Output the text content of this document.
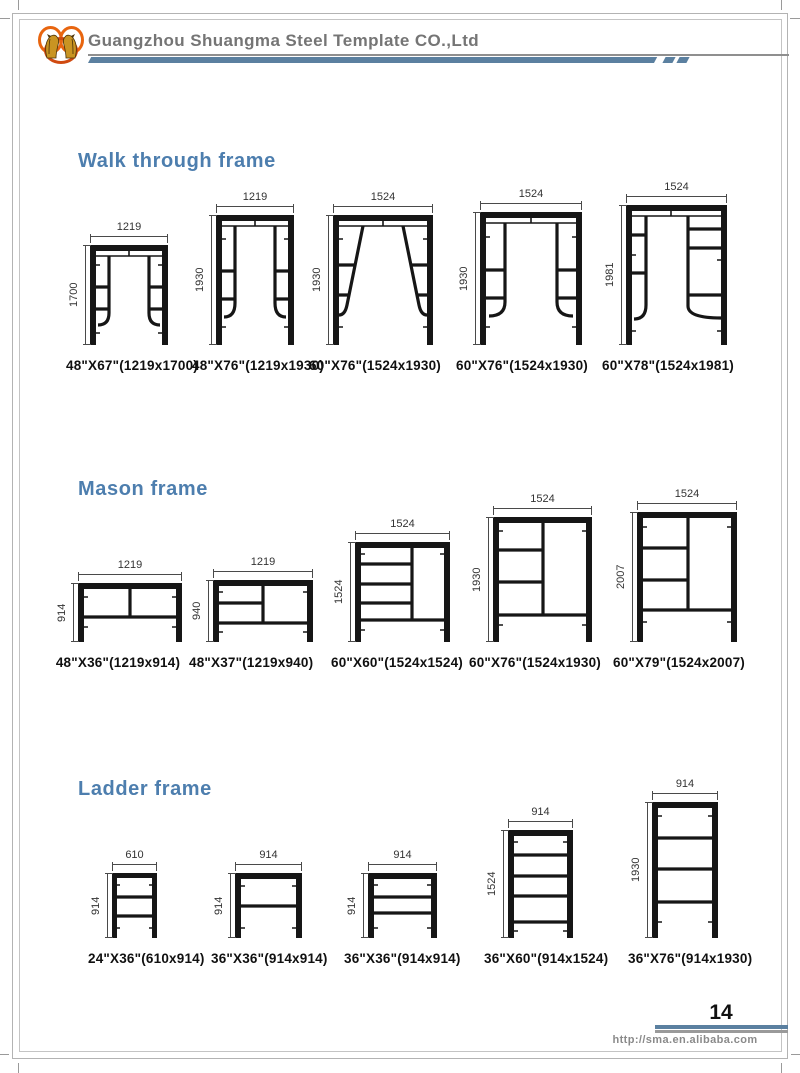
Guangzhou Shuangma Steel Template CO.,Ltd
Walk through frame
Mason frame
Ladder frame
1219
1700
48"X67"(1219x1700)
1219
1930
48"X76"(1219x1930)
1524
1930
60"X76"(1524x1930)
1524
1930
60"X76"(1524x1930)
1524
1981
60"X78"(1524x1981)
1219
914
48"X36"(1219x914)
1219
940
48"X37"(1219x940)
1524
1524
60"X60"(1524x1524)
1524
1930
60"X76"(1524x1930)
1524
2007
60"X79"(1524x2007)
610
914
24"X36"(610x914)
914
914
36"X36"(914x914)
914
914
36"X36"(914x914)
914
1524
36"X60"(914x1524)
914
1930
36"X76"(914x1930)
14
http://sma.en.alibaba.com
